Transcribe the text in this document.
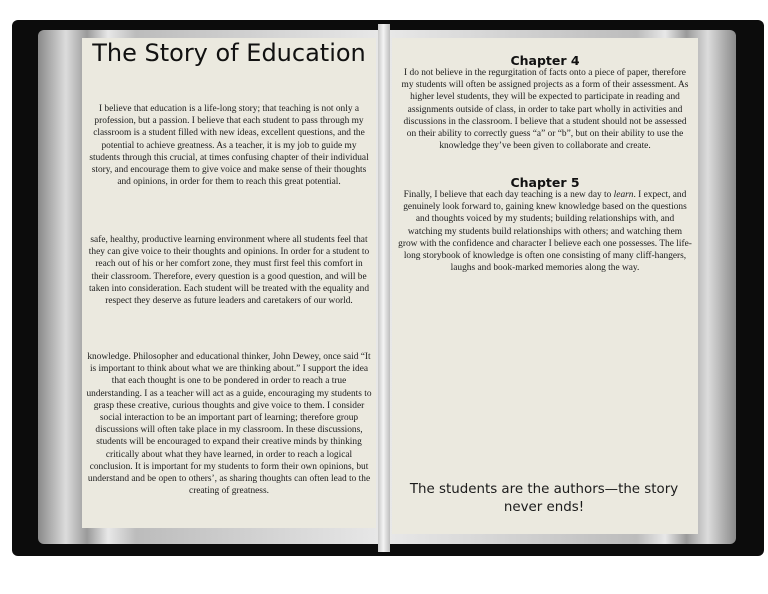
The Story of Education
I believe that education is a life-long story; that teaching is not only a profession, but a passion. I believe that each student to pass through my classroom is a student filled with new ideas, excellent questions, and the potential to achieve greatness. As a teacher, it is my job to guide my students through this crucial, at times confusing chapter of their individual story, and encourage them to give voice and make sense of their thoughts and opinions, in order for them to reach this great potential.
safe, healthy, productive learning environment where all students feel that they can give voice to their thoughts and opinions. In order for a student to reach out of his or her comfort zone, they must first feel this comfort in their classroom. Therefore, every question is a good question, and will be taken into consideration. Each student will be treated with the equality and respect they deserve as future leaders and caretakers of our world.
knowledge. Philosopher and educational thinker, John Dewey, once said “It is important to think about what we are thinking about.” I support the idea that each thought is one to be pondered in order to reach a true understanding. I as a teacher will act as a guide, encouraging my students to grasp these creative, curious thoughts and give voice to them. I consider social interaction to be an important part of learning; therefore group discussions will often take place in my classroom. In these discussions, students will be encouraged to expand their creative minds by thinking critically about what they have learned, in order to reach a logical conclusion. It is important for my students to form their own opinions, but understand and be open to others’, as sharing thoughts can often lead to the creating of greatness.
Chapter 4
I do not believe in the regurgitation of facts onto a piece of paper, therefore my students will often be assigned projects as a form of their assessment. As higher level students, they will be expected to participate in reading and assignments outside of class, in order to take part wholly in activities and discussions in the classroom. I believe that a student should not be assessed on their ability to correctly guess “a” or “b”, but on their ability to use the knowledge they’ve been given to collaborate and create.
Chapter 5
Finally, I believe that each day teaching is a new day to learn. I expect, and genuinely look forward to, gaining knew knowledge based on the questions and thoughts voiced by my students; building relationships with, and watching my students build relationships with others; and watching them grow with the confidence and character I believe each one possesses. The life-long storybook of knowledge is often one consisting of many cliff-hangers, laughs and book-marked memories along the way.
The students are the authors—the story never ends!
